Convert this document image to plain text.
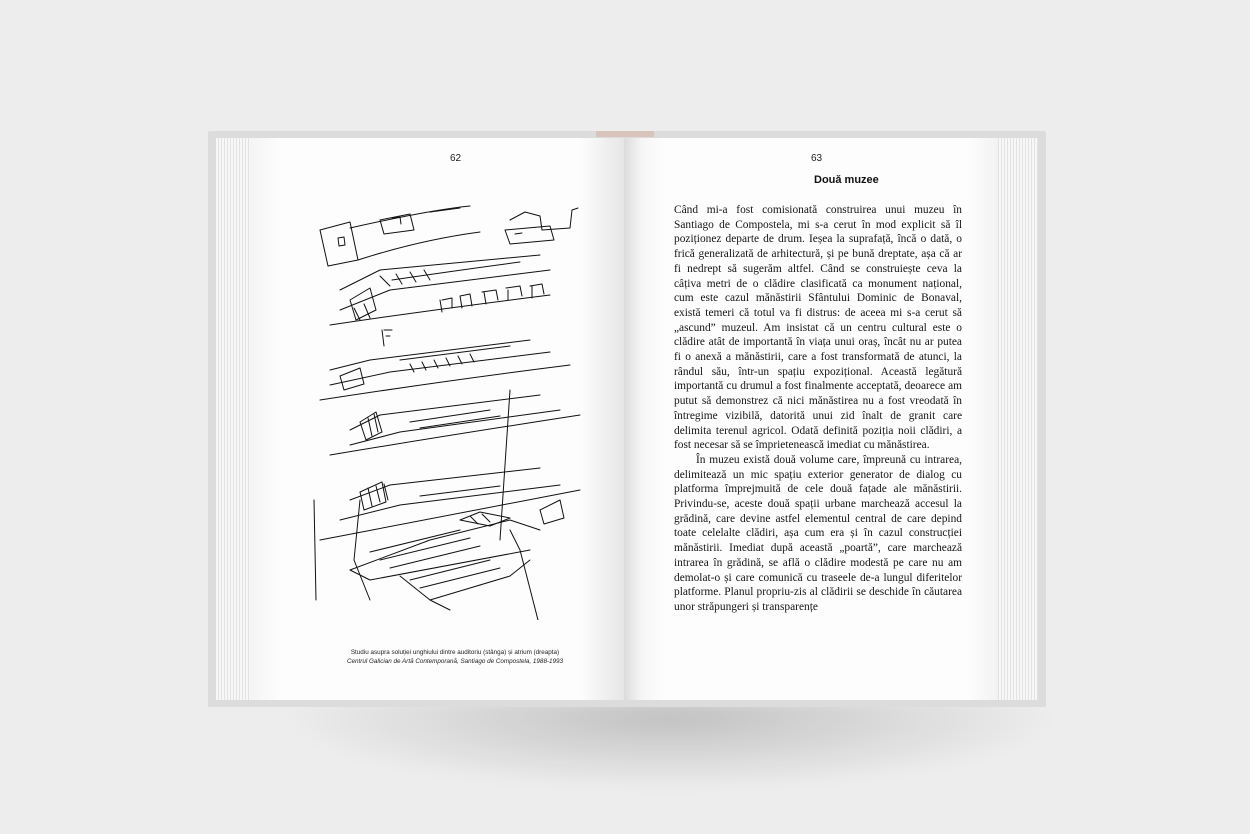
62
Studiu asupra soluției unghiului dintre auditoriu (stânga) și atrium (dreapta)
Centrul Galician de Artă Contemporană, Santiago de Compostela, 1988-1993
63
Două muzee

Când mi-a fost comisionată construirea unui muzeu în Santiago de Compostela, mi s-a cerut în mod explicit să îl poziționez departe de drum. Ieșea la suprafață, încă o dată, o frică generalizată de arhitectură, și pe bună dreptate, așa că ar fi nedrept să sugerăm altfel. Când se construiește ceva la câțiva metri de o clădire clasificată ca monument național, cum este cazul mănăstirii Sfântului Dominic de Bonaval, există temeri că totul va fi distrus: de aceea mi s-a cerut să „ascund” muzeul. Am insistat că un centru cultural este o clădire atât de importantă în viața unui oraș, încât nu ar putea fi o anexă a mănăstirii, care a fost transformată de atunci, la rândul său, într-un spațiu expozițional. Această legătură importantă cu drumul a fost finalmente acceptată, deoarece am putut să demonstrez că nici mănăstirea nu a fost vreodată în întregime vizibilă, datorită unui zid înalt de granit care delimita terenul agricol. Odată definită poziția noii clădiri, a fost necesar să se împrietenească imediat cu mănăstirea.

În muzeu există două volume care, împreună cu intrarea, delimitează un mic spațiu exterior generator de dialog cu platforma împrejmuită de cele două fațade ale mănăstirii. Privindu-se, aceste două spații urbane marchează accesul la grădină, care devine astfel elementul central de care depind toate celelalte clădiri, așa cum era și în cazul construcției mănăstirii. Imediat după această „poartă”, care marchează intrarea în grădină, se află o clădire modestă pe care nu am demolat-o și care comunică cu traseele de-a lungul diferitelor platforme. Planul propriu-zis al clădirii se deschide în căutarea unor străpungeri și transparențe
